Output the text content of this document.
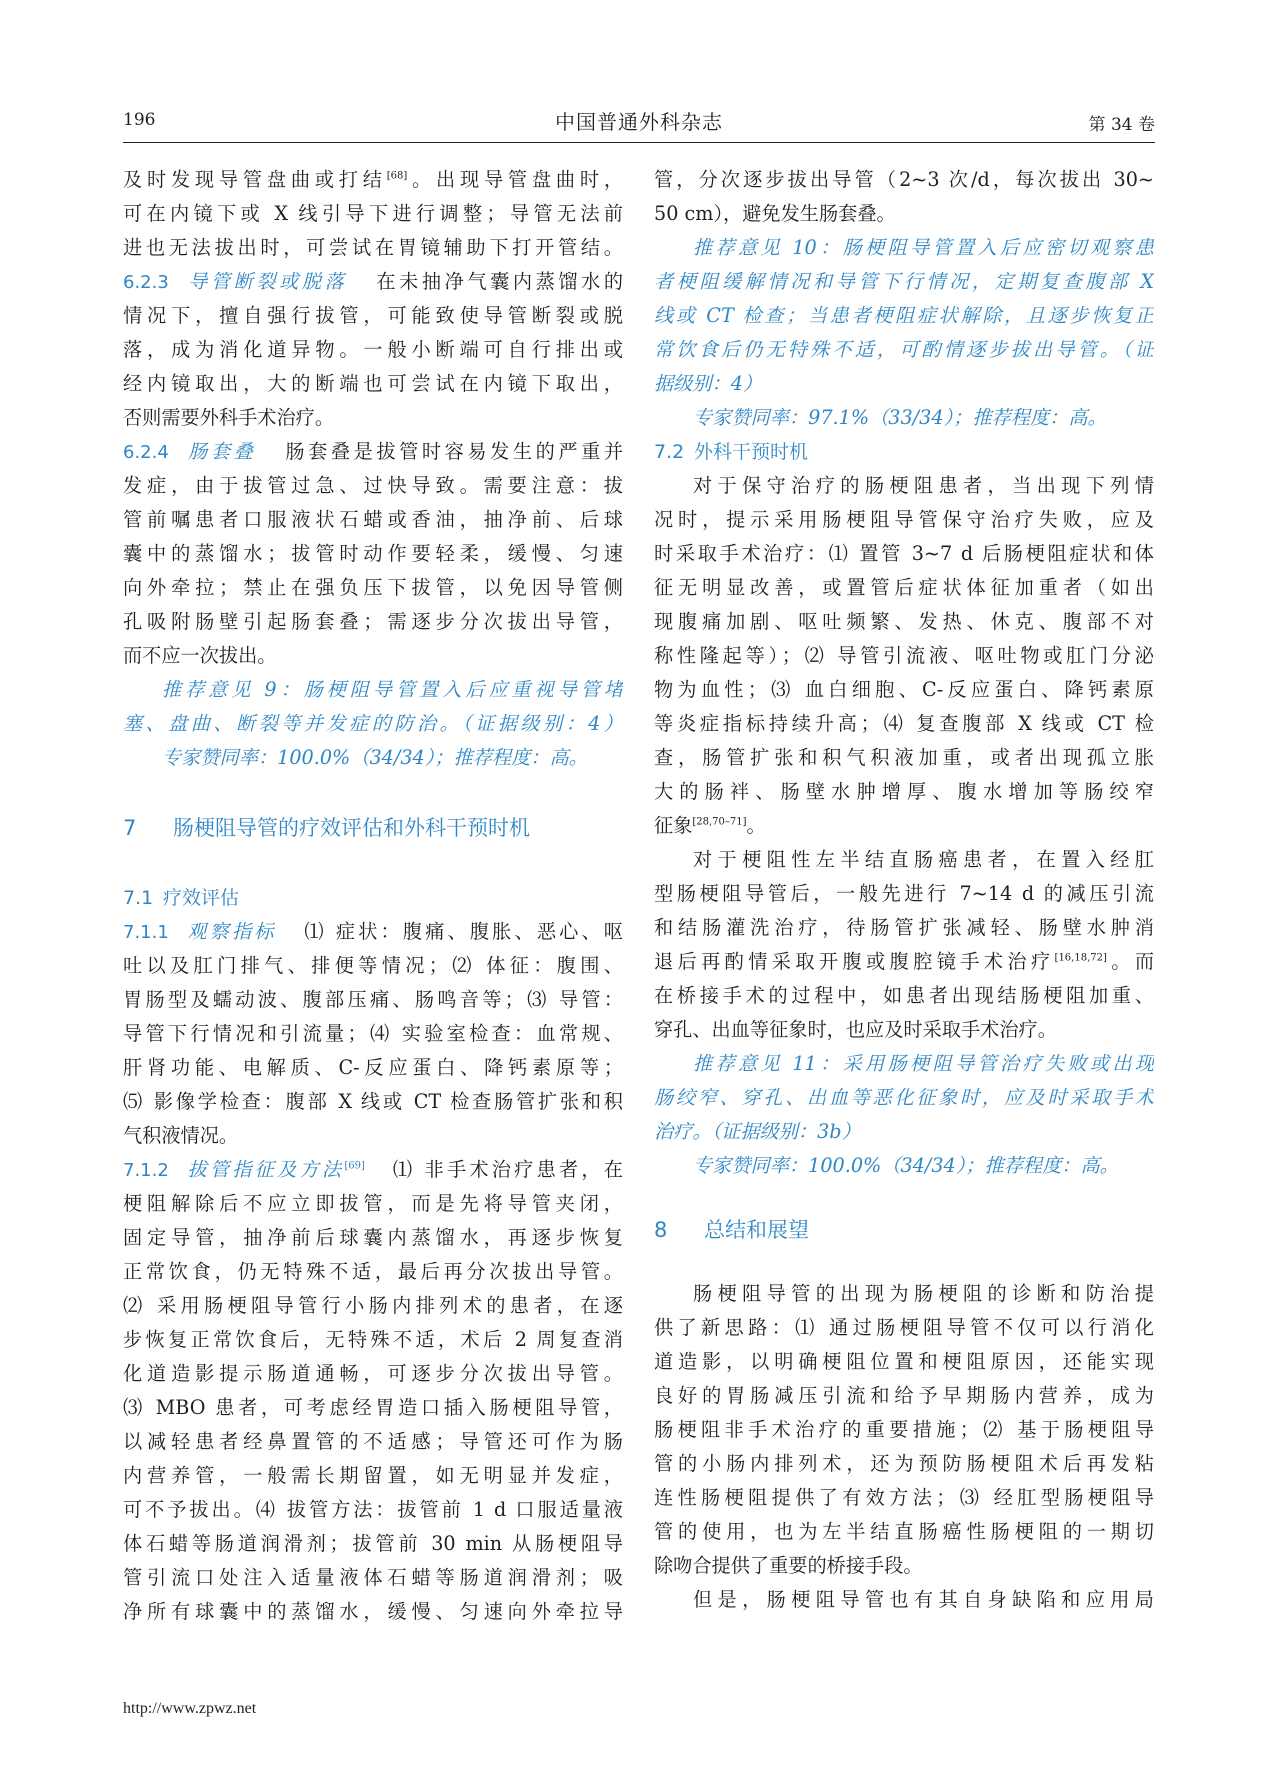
196	中国普通外科杂志	第 34 卷
及时发现导管盘曲或打结[68]。出现导管盘曲时，
可在内镜下或 X 线引导下进行调整；导管无法前
进也无法拔出时，可尝试在胃镜辅助下打开管结。
6.2.3 导管断裂或脱落 在未抽净气囊内蒸馏水的
情况下，擅自强行拔管，可能致使导管断裂或脱
落，成为消化道异物。一般小断端可自行排出或
经内镜取出，大的断端也可尝试在内镜下取出，
否则需要外科手术治疗。
6.2.4 肠套叠 肠套叠是拔管时容易发生的严重并
发症，由于拔管过急、过快导致。需要注意：拔
管前嘱患者口服液状石蜡或香油，抽净前、后球
囊中的蒸馏水；拔管时动作要轻柔，缓慢、匀速
向外牵拉；禁止在强负压下拔管，以免因导管侧
孔吸附肠壁引起肠套叠；需逐步分次拔出导管，
而不应一次拔出。
推荐意见 9：肠梗阻导管置入后应重视导管堵
塞、盘曲、断裂等并发症的防治。（证据级别：4）
专家赞同率：100.0%（34/34）；推荐程度：高。
7 肠梗阻导管的疗效评估和外科干预时机
7.1 疗效评估
7.1.1 观察指标 ⑴ 症状：腹痛、腹胀、恶心、呕
吐以及肛门排气、排便等情况；⑵ 体征：腹围、
胃肠型及蠕动波、腹部压痛、肠鸣音等；⑶ 导管：
导管下行情况和引流量；⑷ 实验室检查：血常规、
肝肾功能、电解质、C-反应蛋白、降钙素原等；
⑸ 影像学检查：腹部 X 线或 CT 检查肠管扩张和积
气积液情况。
7.1.2 拔管指征及方法[69] ⑴ 非手术治疗患者，在
梗阻解除后不应立即拔管，而是先将导管夹闭，
固定导管，抽净前后球囊内蒸馏水，再逐步恢复
正常饮食，仍无特殊不适，最后再分次拔出导管。
⑵ 采用肠梗阻导管行小肠内排列术的患者，在逐
步恢复正常饮食后，无特殊不适，术后 2 周复查消
化道造影提示肠道通畅，可逐步分次拔出导管。
⑶ MBO 患者，可考虑经胃造口插入肠梗阻导管，
以减轻患者经鼻置管的不适感；导管还可作为肠
内营养管，一般需长期留置，如无明显并发症，
可不予拔出。⑷ 拔管方法：拔管前 1 d 口服适量液
体石蜡等肠道润滑剂；拔管前 30 min 从肠梗阻导
管引流口处注入适量液体石蜡等肠道润滑剂；吸
净所有球囊中的蒸馏水，缓慢、匀速向外牵拉导
管，分次逐步拔出导管（2~3 次/d，每次拔出 30~
50 cm），避免发生肠套叠。
推荐意见 10：肠梗阻导管置入后应密切观察患
者梗阻缓解情况和导管下行情况，定期复查腹部 X
线或 CT 检查；当患者梗阻症状解除，且逐步恢复正
常饮食后仍无特殊不适，可酌情逐步拔出导管。（证
据级别：4）
专家赞同率：97.1%（33/34）；推荐程度：高。
7.2 外科干预时机
对于保守治疗的肠梗阻患者，当出现下列情
况时，提示采用肠梗阻导管保守治疗失败，应及
时采取手术治疗：⑴ 置管 3~7 d 后肠梗阻症状和体
征无明显改善，或置管后症状体征加重者（如出
现腹痛加剧、呕吐频繁、发热、休克、腹部不对
称性隆起等）；⑵ 导管引流液、呕吐物或肛门分泌
物为血性；⑶ 血白细胞、C-反应蛋白、降钙素原
等炎症指标持续升高；⑷ 复查腹部 X 线或 CT 检
查，肠管扩张和积气积液加重，或者出现孤立胀
大的肠袢、肠壁水肿增厚、腹水增加等肠绞窄
征象[28,70–71]。
对于梗阻性左半结直肠癌患者，在置入经肛
型肠梗阻导管后，一般先进行 7~14 d 的减压引流
和结肠灌洗治疗，待肠管扩张减轻、肠壁水肿消
退后再酌情采取开腹或腹腔镜手术治疗[16,18,72]。而
在桥接手术的过程中，如患者出现结肠梗阻加重、
穿孔、出血等征象时，也应及时采取手术治疗。
推荐意见 11：采用肠梗阻导管治疗失败或出现
肠绞窄、穿孔、出血等恶化征象时，应及时采取手术
治疗。（证据级别：3b）
专家赞同率：100.0%（34/34）；推荐程度：高。
8 总结和展望
肠梗阻导管的出现为肠梗阻的诊断和防治提
供了新思路：⑴ 通过肠梗阻导管不仅可以行消化
道造影，以明确梗阻位置和梗阻原因，还能实现
良好的胃肠减压引流和给予早期肠内营养，成为
肠梗阻非手术治疗的重要措施；⑵ 基于肠梗阻导
管的小肠内排列术，还为预防肠梗阻术后再发粘
连性肠梗阻提供了有效方法；⑶ 经肛型肠梗阻导
管的使用，也为左半结直肠癌性肠梗阻的一期切
除吻合提供了重要的桥接手段。
但是，肠梗阻导管也有其自身缺陷和应用局
http://www.zpwz.net
